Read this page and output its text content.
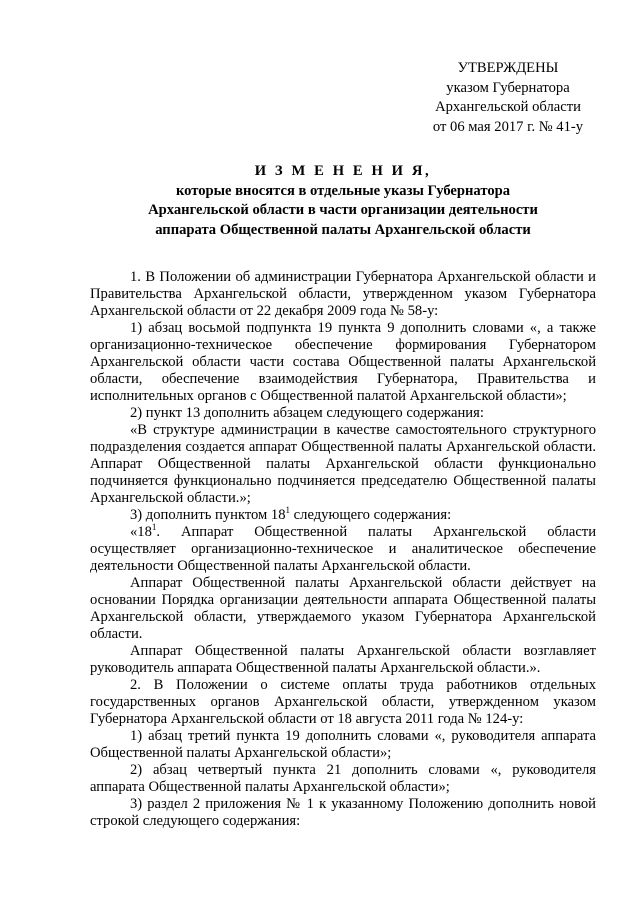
УТВЕРЖДЕНЫ
указом Губернатора
Архангельской области
от 06 мая 2017 г. № 41-у
И З М Е Н Е Н И Я,
которые вносятся в отдельные указы Губернатора
Архангельской области в части организации деятельности
аппарата Общественной палаты Архангельской области

1. В Положении об администрации Губернатора Архангельской области и Правительства Архангельской области, утвержденном указом Губернатора Архангельской области от 22 декабря 2009 года № 58-у:

1) абзац восьмой подпункта 19 пункта 9 дополнить словами «, а также организационно-техническое обеспечение формирования Губернатором Архангельской области части состава Общественной палаты Архангельской области, обеспечение взаимодействия Губернатора, Правительства и исполнительных органов с Общественной палатой Архангельской области»;

2) пункт 13 дополнить абзацем следующего содержания:

«В структуре администрации в качестве самостоятельного структурного подразделения создается аппарат Общественной палаты Архангельской области. Аппарат Общественной палаты Архангельской области функционально подчиняется функционально подчиняется председателю Общественной палаты Архангельской области.»;

3) дополнить пунктом $18^1$ следующего содержания:

«$18^1$. Аппарат Общественной палаты Архангельской области осуществляет организационно-техническое и аналитическое обеспечение деятельности Общественной палаты Архангельской области.

Аппарат Общественной палаты Архангельской области действует на основании Порядка организации деятельности аппарата Общественной палаты Архангельской области, утверждаемого указом Губернатора Архангельской области.

Аппарат Общественной палаты Архангельской области возглавляет руководитель аппарата Общественной палаты Архангельской области.».

2. В Положении о системе оплаты труда работников отдельных государственных органов Архангельской области, утвержденном указом Губернатора Архангельской области от 18 августа 2011 года № 124-у:

1) абзац третий пункта 19 дополнить словами «, руководителя аппарата Общественной палаты Архангельской области»;

2) абзац четвертый пункта 21 дополнить словами «, руководителя аппарата Общественной палаты Архангельской области»;

3) раздел 2 приложения № 1 к указанному Положению дополнить новой строкой следующего содержания:
